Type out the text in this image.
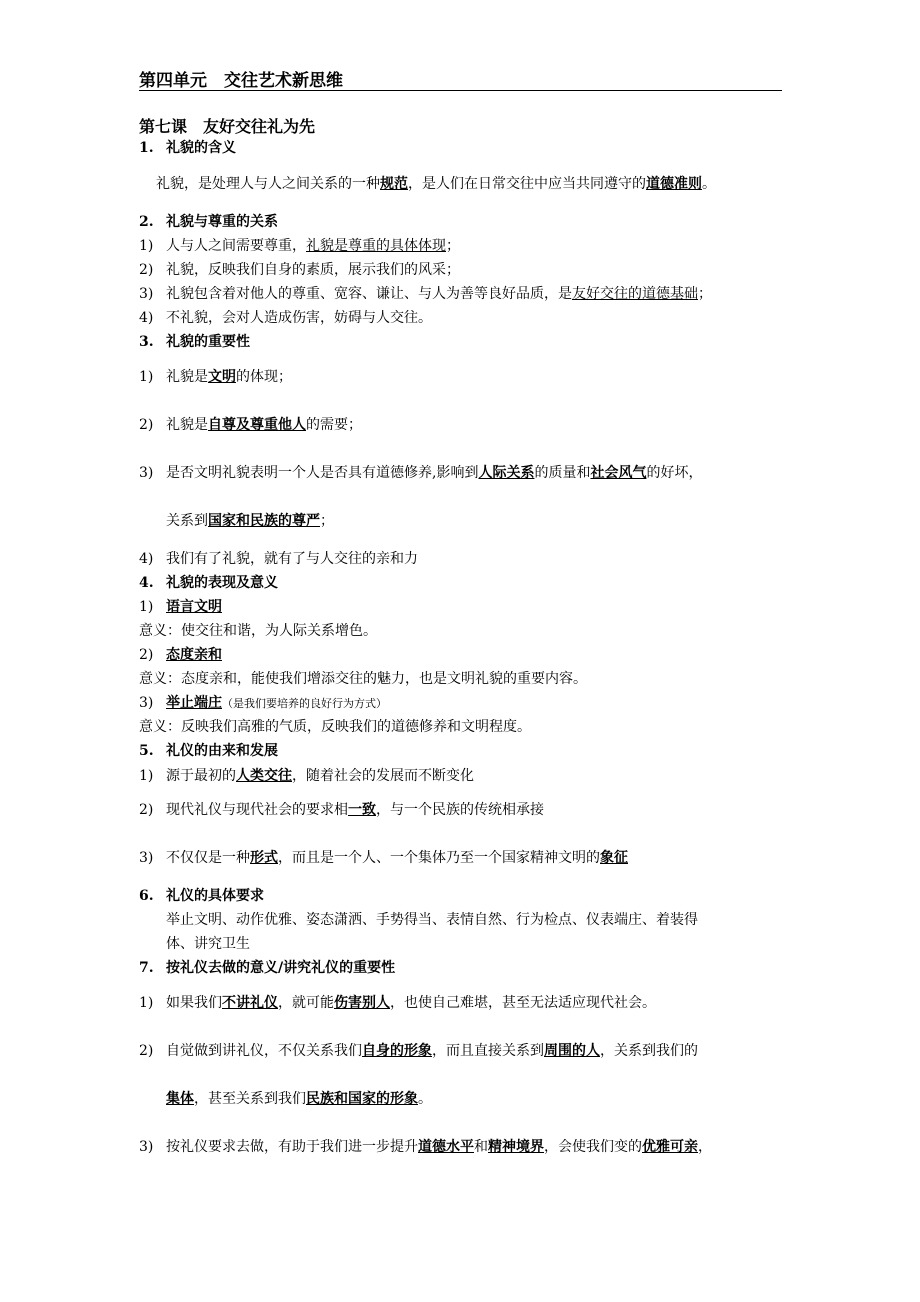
第四单元　交往艺术新思维
第七课　友好交往礼为先
1. 礼貌的含义
礼貌，是处理人与人之间关系的一种规范，是人们在日常交往中应当共同遵守的道德准则。
2. 礼貌与尊重的关系
1) 人与人之间需要尊重，礼貌是尊重的具体体现；
2) 礼貌，反映我们自身的素质，展示我们的风采；
3) 礼貌包含着对他人的尊重、宽容、谦让、与人为善等良好品质，是友好交往的道德基础；
4) 不礼貌，会对人造成伤害，妨碍与人交往。
3. 礼貌的重要性
1) 礼貌是文明的体现；
2) 礼貌是自尊及尊重他人的需要；
3) 是否文明礼貌表明一个人是否具有道德修养,影响到人际关系的质量和社会风气的好坏，
关系到国家和民族的尊严；
4) 我们有了礼貌，就有了与人交往的亲和力
4. 礼貌的表现及意义
1) 语言文明
意义：使交往和谐，为人际关系增色。
2) 态度亲和
意义：态度亲和，能使我们增添交往的魅力，也是文明礼貌的重要内容。
3) 举止端庄（是我们要培养的良好行为方式）
意义：反映我们高雅的气质，反映我们的道德修养和文明程度。
5. 礼仪的由来和发展
1) 源于最初的人类交往，随着社会的发展而不断变化
2) 现代礼仪与现代社会的要求相一致，与一个民族的传统相承接
3) 不仅仅是一种形式，而且是一个人、一个集体乃至一个国家精神文明的象征
6. 礼仪的具体要求
举止文明、动作优雅、姿态潇洒、手势得当、表情自然、行为检点、仪表端庄、着装得
体、讲究卫生
7. 按礼仪去做的意义/讲究礼仪的重要性
1) 如果我们不讲礼仪，就可能伤害别人，也使自己难堪，甚至无法适应现代社会。
2) 自觉做到讲礼仪，不仅关系我们自身的形象，而且直接关系到周围的人，关系到我们的
集体，甚至关系到我们民族和国家的形象。
3) 按礼仪要求去做，有助于我们进一步提升道德水平和精神境界，会使我们变的优雅可亲，
